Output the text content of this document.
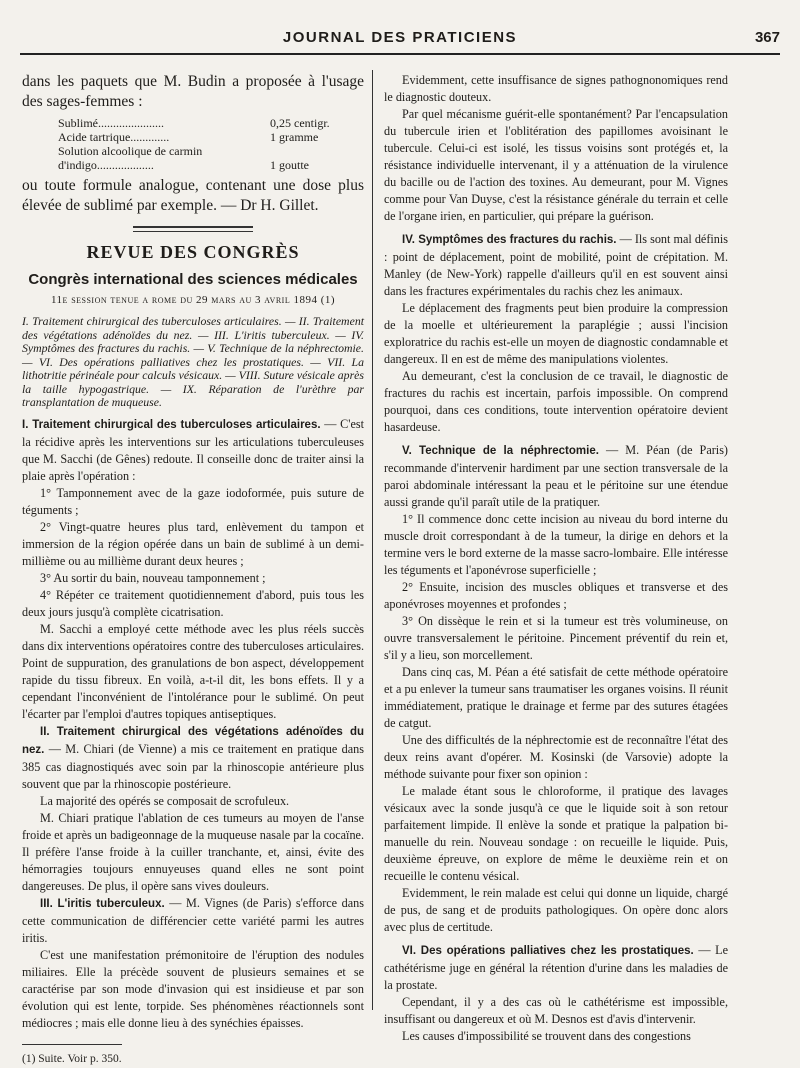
JOURNAL DES PRATICIENS	367

dans les paquets que M. Budin a proposée à l'usage des sages-femmes :

Sublimé......................	0,25 centigr.
Acide tartrique.............	1 gramme
Solution alcoolique de carmin
d'indigo...................	1 goutte

ou toute formule analogue, contenant une dose plus élevée de sublimé par exemple. — Dr H. Gillet.

REVUE DES CONGRÈS
Congrès international des sciences médicales
11e session tenue a rome du 29 mars au 3 avril 1894 (1)

I. Traitement chirurgical des tuberculoses articulaires. — II. Traitement des végétations adénoïdes du nez. — III. L'iritis tuberculeux. — IV. Symptômes des fractures du rachis. — V. Technique de la néphrectomie. — VI. Des opérations palliatives chez les prostatiques. — VII. La lithotritie périnéale pour calculs vésicaux. — VIII. Suture vésicale après la taille hypogastrique. — IX. Réparation de l'urèthre par transplantation de muqueuse.

I. Traitement chirurgical des tuberculoses articulaires. — C'est la récidive après les interventions sur les articulations tuberculeuses que M. Sacchi (de Gênes) redoute. Il conseille donc de traiter ainsi la plaie après l'opération :

1° Tamponnement avec de la gaze iodoformée, puis suture de téguments ;

2° Vingt-quatre heures plus tard, enlèvement du tampon et immersion de la région opérée dans un bain de sublimé à un demi-millième ou au millième durant deux heures ;

3° Au sortir du bain, nouveau tamponnement ;

4° Répéter ce traitement quotidiennement d'abord, puis tous les deux jours jusqu'à complète cicatrisation.

M. Sacchi a employé cette méthode avec les plus réels succès dans dix interventions opératoires contre des tuberculoses articulaires. Point de suppuration, des granulations de bon aspect, développement rapide du tissu fibreux. En voilà, a-t-il dit, les bons effets. Il y a cependant l'inconvénient de l'intolérance pour le sublimé. On peut l'écarter par l'emploi d'autres topiques antiseptiques.

II. Traitement chirurgical des végétations adénoïdes du nez. — M. Chiari (de Vienne) a mis ce traitement en pratique dans 385 cas diagnostiqués avec soin par la rhinoscopie antérieure plus souvent que par la rhinoscopie postérieure.

La majorité des opérés se composait de scrofuleux.

M. Chiari pratique l'ablation de ces tumeurs au moyen de l'anse froide et après un badigeonnage de la muqueuse nasale par la cocaïne. Il préfère l'anse froide à la cuiller tranchante, et, ainsi, évite des hémorragies toujours ennuyeuses quand elles ne sont point dangereuses. De plus, il opère sans vives douleurs.

III. L'iritis tuberculeux. — M. Vignes (de Paris) s'efforce dans cette communication de différencier cette variété parmi les autres iritis.

C'est une manifestation prémonitoire de l'éruption des nodules miliaires. Elle la précède souvent de plusieurs semaines et se caractérise par son mode d'invasion qui est insidieuse et par son évolution qui est lente, torpide. Ses phénomènes réactionnels sont médiocres ; mais elle donne lieu à des synéchies épaisses.

(1) Suite. Voir p. 350.

Evidemment, cette insuffisance de signes pathognonomiques rend le diagnostic douteux.

Par quel mécanisme guérit-elle spontanément? Par l'encapsulation du tubercule irien et l'oblitération des papillomes avoisinant le tubercule. Celui-ci est isolé, les tissus voisins sont protégés et, la résistance individuelle intervenant, il y a atténuation de la virulence du bacille ou de l'action des toxines. Au demeurant, pour M. Vignes comme pour Van Duyse, c'est la résistance générale du terrain et celle de l'organe irien, en particulier, qui prépare la guérison.

IV. Symptômes des fractures du rachis. — Ils sont mal définis : point de déplacement, point de mobilité, point de crépitation. M. Manley (de New-York) rappelle d'ailleurs qu'il en est souvent ainsi dans les fractures expérimentales du rachis chez les animaux.

Le déplacement des fragments peut bien produire la compression de la moelle et ultérieurement la paraplégie ; aussi l'incision exploratrice du rachis est-elle un moyen de diagnostic condamnable et dangereux. Il en est de même des manipulations violentes.

Au demeurant, c'est la conclusion de ce travail, le diagnostic de fractures du rachis est incertain, parfois impossible. On comprend pourquoi, dans ces conditions, toute intervention opératoire devient hasardeuse.

V. Technique de la néphrectomie. — M. Péan (de Paris) recommande d'intervenir hardiment par une section transversale de la paroi abdominale intéressant la peau et le péritoine sur une étendue aussi grande qu'il paraît utile de la pratiquer.

1° Il commence donc cette incision au niveau du bord interne du muscle droit correspondant à de la tumeur, la dirige en dehors et la termine vers le bord externe de la masse sacro-lombaire. Elle intéresse les téguments et l'aponévrose superficielle ;

2° Ensuite, incision des muscles obliques et transverse et des aponévroses moyennes et profondes ;

3° On dissèque le rein et si la tumeur est très volumineuse, on ouvre transversalement le péritoine. Pincement préventif du rein et, s'il y a lieu, son morcellement.

Dans cinq cas, M. Péan a été satisfait de cette méthode opératoire et a pu enlever la tumeur sans traumatiser les organes voisins. Il réunit immédiatement, pratique le drainage et ferme par des sutures étagées de catgut.

Une des difficultés de la néphrectomie est de reconnaître l'état des deux reins avant d'opérer. M. Kosinski (de Varsovie) adopte la méthode suivante pour fixer son opinion :

Le malade étant sous le chloroforme, il pratique des lavages vésicaux avec la sonde jusqu'à ce que le liquide soit à son retour parfaitement limpide. Il enlève la sonde et pratique la palpation bi-manuelle du rein. Nouveau sondage : on recueille le liquide. Puis, deuxième épreuve, on explore de même le deuxième rein et on recueille le contenu vésical.

Evidemment, le rein malade est celui qui donne un liquide, chargé de pus, de sang et de produits pathologiques. On opère donc alors avec plus de certitude.

VI. Des opérations palliatives chez les prostatiques. — Le cathétérisme juge en général la rétention d'urine dans les maladies de la prostate.

Cependant, il y a des cas où le cathétérisme est impossible, insuffisant ou dangereux et où M. Desnos est d'avis d'intervenir.

Les causes d'impossibilité se trouvent dans des congestions
